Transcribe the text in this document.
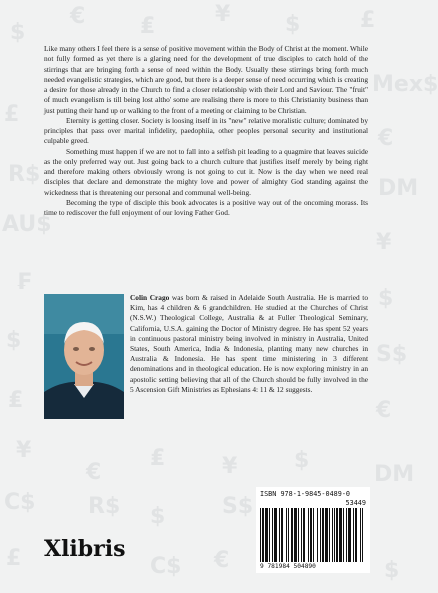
$
€ ₤	¥ $	£
Mex$
£
€
R$
DM
AU$
¥
₣
$
$
S$
₤	€
¥
€
₤	¥	$
DM
C$ R$ $	S$
£	C$ €	$

Like many others I feel there is a sense of positive movement within the Body of Christ at the moment. While not fully formed as yet there is a glaring need for the development of true disciples to catch hold of the stirrings that are bringing forth a sense of need within the Body. Usually these stirrings bring forth much needed evangelistic strategies, which are good, but there is a deeper sense of need occurring which is creating a desire for those already in the Church to find a closer relationship with their Lord and Saviour. The "fruit" of much evangelism is till being lost altho' some are realising there is more to this Christianity business than just putting their hand up or walking to the front of a meeting or claiming to be Christian.

Eternity is getting closer. Society is loosing itself in its "new" relative moralistic culture; dominated by principles that pass over marital infidelity, paedophiia, other peoples personal security and institutional culpable greed.

Something must happen if we are not to fall into a selfish pit leading to a quagmire that leaves suicide as the only preferred way out. Just going back to a church culture that justifies itself merely by being right and therefore making others obviously wrong is not going to cut it. Now is the day when we need real disciples that declare and demonstrate the mighty love and power of almighty God standing against the wickedness that is threatening our personal and communal well-being.

Becoming the type of disciple this book advocates is a positive way out of the oncoming morass. Its time to rediscover the full enjoyment of our loving Father God.

Colin Crago was born & raised in Adelaide South Australia. He is married to Kim, has 4 children & 6 grandchildren. He studied at the Churches of Christ (N.S.W.) Theological College, Australia & at Fuller Theological Seminary, California, U.S.A. gaining the Doctor of Ministry degree. He has spent 52 years in continuous pastoral ministry being involved in ministry in Australia, United States, South America, India & Indonesia, planting many new churches in Australia & Indonesia. He has spent time ministering in 3 different denominations and in theological education. He is now exploring ministry in an apostolic setting believing that all of the Church should be fully involved in the 5 Ascension Gift Ministries as Ephesians 4: 11 & 12 suggests.
Xlibris
ISBN 978-1-9845-0489-0
53449
9 781984 504890
